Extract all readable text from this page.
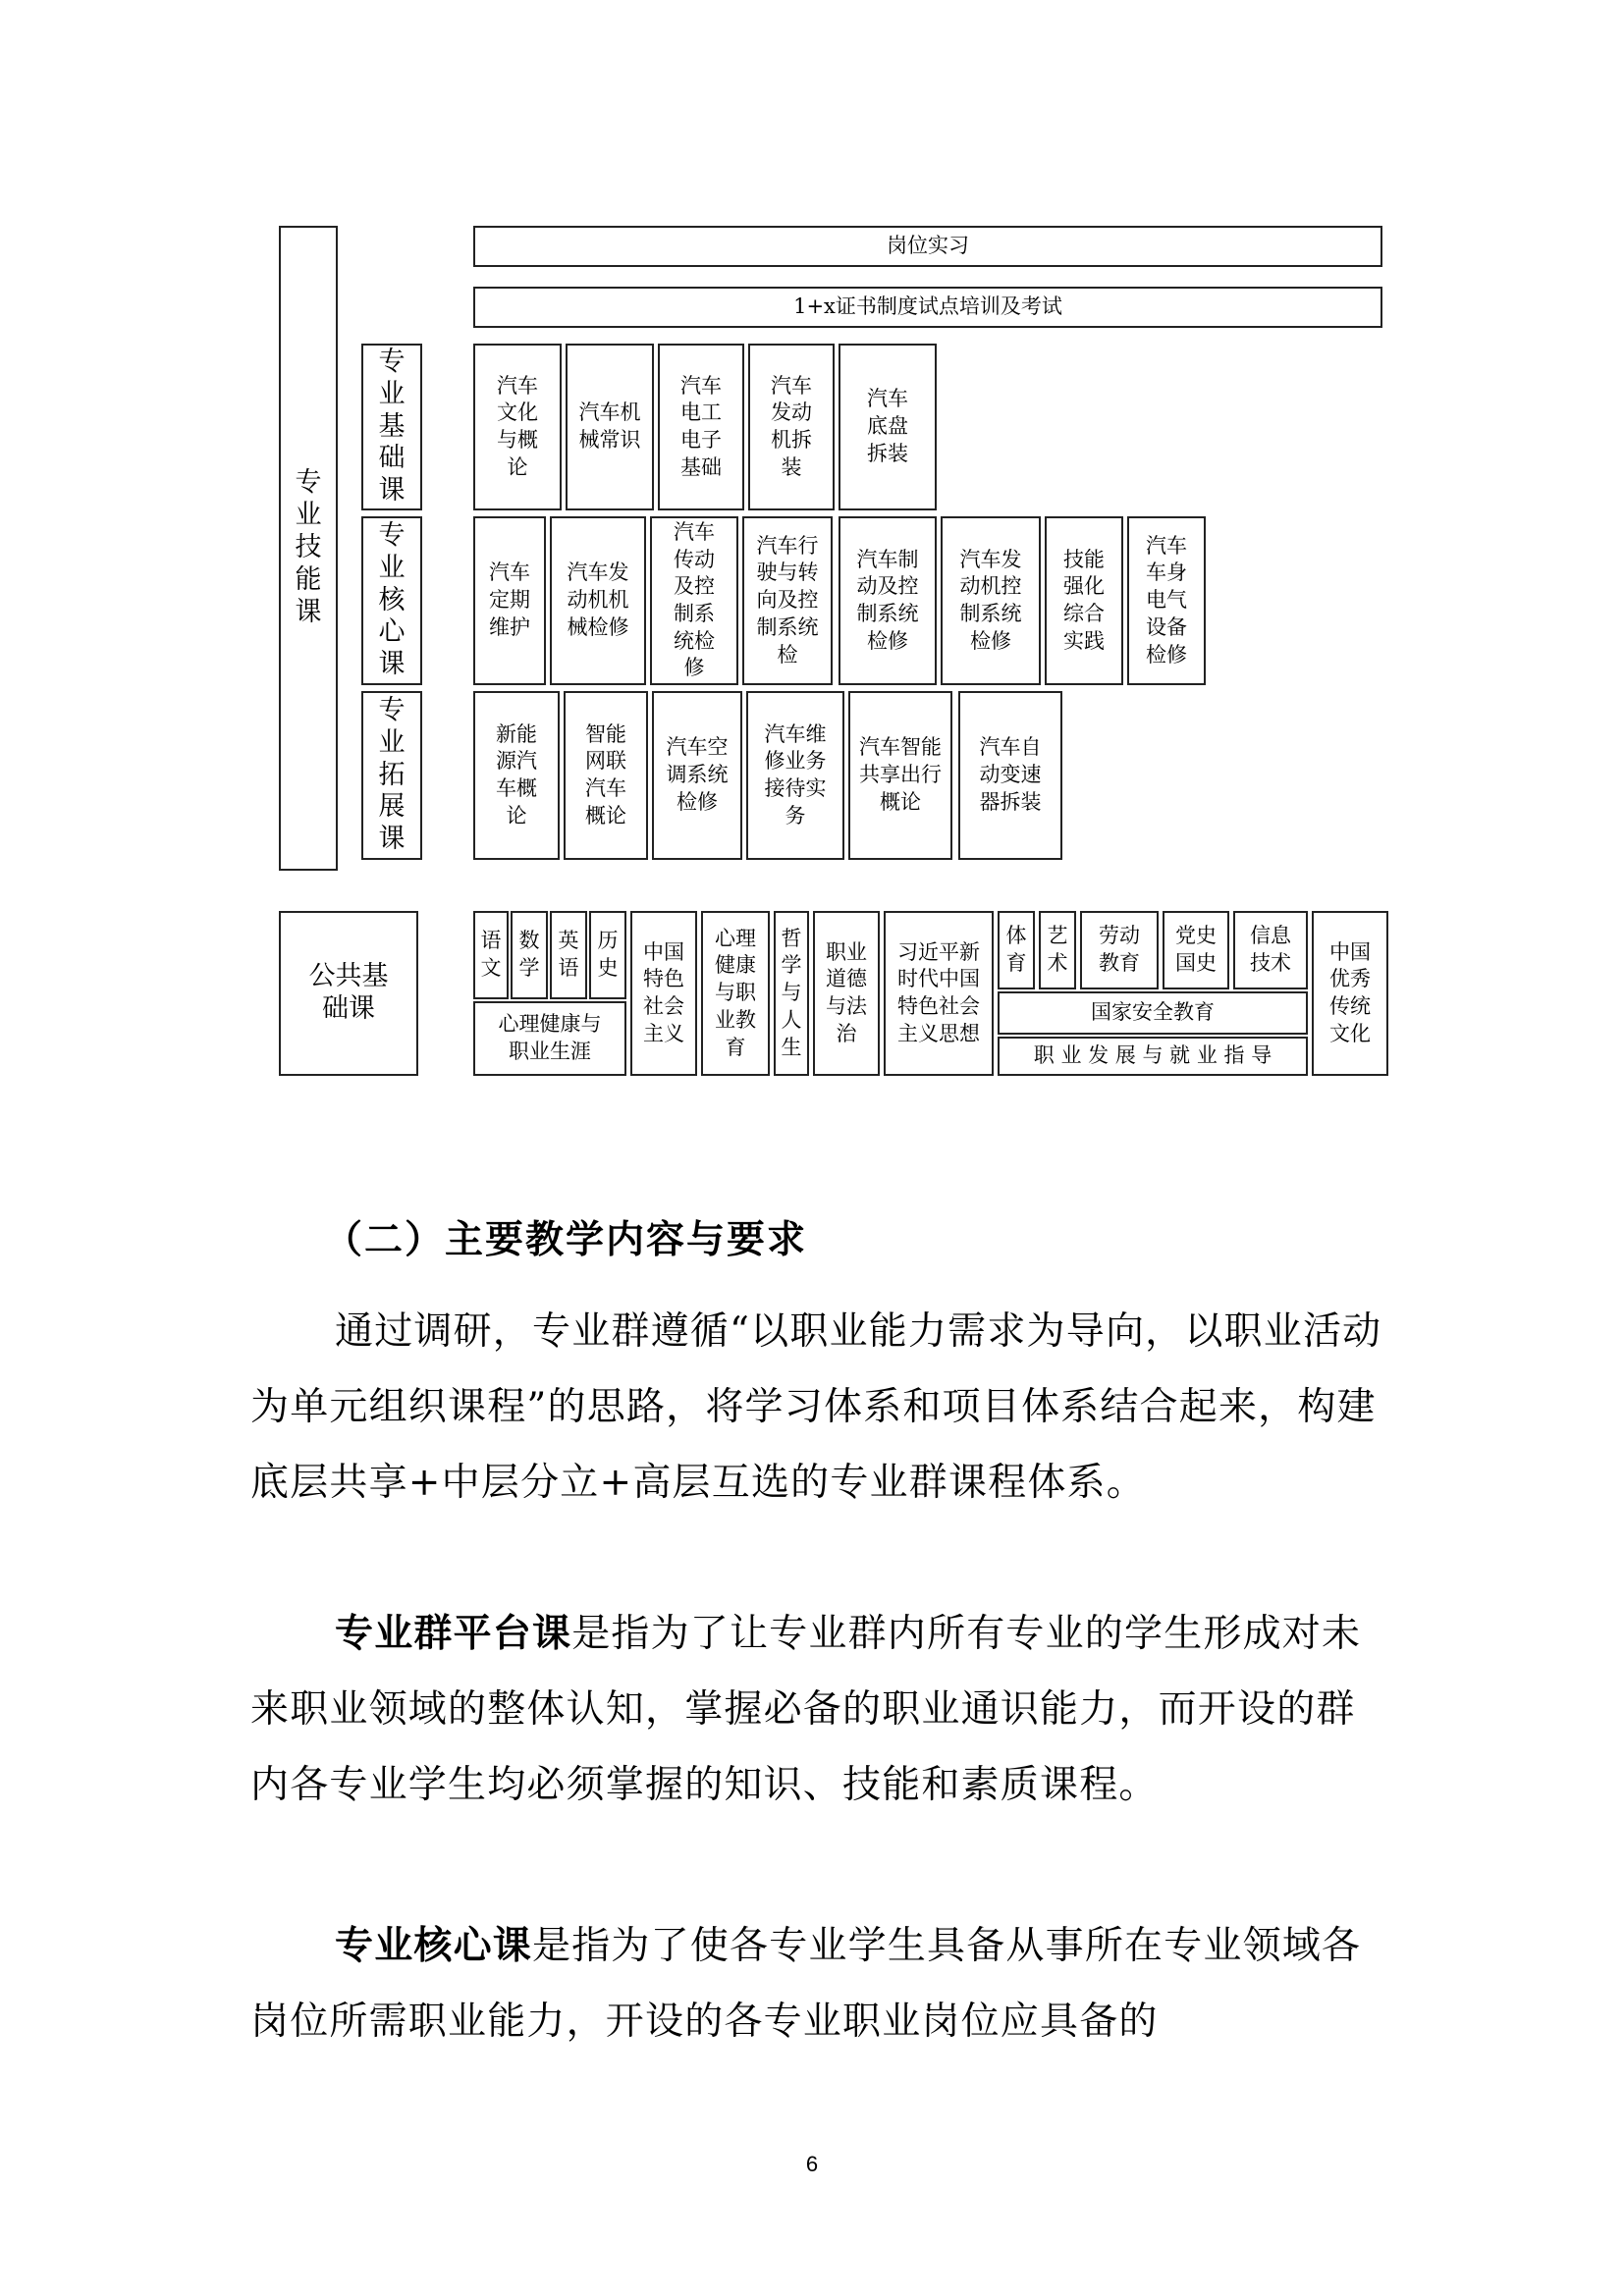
专
业
技
能
课
专
业
基
础
课
专
业
核
心
课
专
业
拓
展
课
公共基
础课
岗位实习
1+x证书制度试点培训及考试
汽车
文化
与概
论
汽车机
械常识
汽车
电工
电子
基础
汽车
发动
机拆
装
汽车
底盘
拆装
汽车
定期
维护
汽车发
动机机
械检修
汽车
传动
及控
制系
统检
修
汽车行
驶与转
向及控
制系统
检
汽车制
动及控
制系统
检修
汽车发
动机控
制系统
检修
技能
强化
综合
实践
汽车
车身
电气
设备
检修
新能
源汽
车概
论
智能
网联
汽车
概论
汽车空
调系统
检修
汽车维
修业务
接待实
务
汽车智能
共享出行
概论
汽车自
动变速
器拆装
语
文
数
学
英
语
历
史
心理健康与
职业生涯
中国
特色
社会
主义
心理
健康
与职
业教
育
哲
学
与
人
生
职业
道德
与法
治
习近平新
时代中国
特色社会
主义思想
体
育
艺
术
劳动
教育
党史
国史
信息
技术
国家安全教育
职 业 发 展 与 就 业 指 导
中国
优秀
传统
文化
（二）主要教学内容与要求
通过调研，专业群遵循“以职业能力需求为导向，以职业活动为单元组织课程”的思路，将学习体系和项目体系结合起来，构建底层共享+中层分立+高层互选的专业群课程体系。
专业群平台课是指为了让专业群内所有专业的学生形成对未来职业领域的整体认知，掌握必备的职业通识能力，而开设的群内各专业学生均必须掌握的知识、技能和素质课程。
专业核心课是指为了使各专业学生具备从事所在专业领域各岗位所需职业能力，开设的各专业职业岗位应具备的
6
